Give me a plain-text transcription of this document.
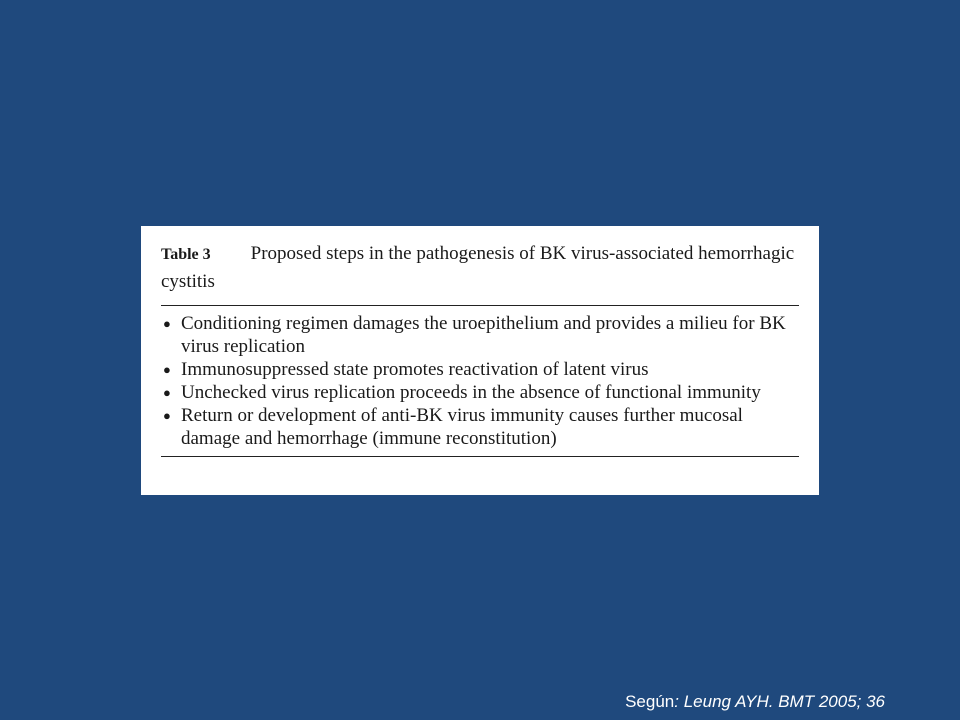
Table 3 Proposed steps in the pathogenesis of BK virus-associated hemorrhagic cystitis

● Conditioning regimen damages the uroepithelium and provides a milieu for BK virus replication
● Immunosuppressed state promotes reactivation of latent virus
● Unchecked virus replication proceeds in the absence of functional immunity
● Return or development of anti-BK virus immunity causes further mucosal damage and hemorrhage (immune reconstitution)
Según: Leung AYH. BMT 2005; 36
